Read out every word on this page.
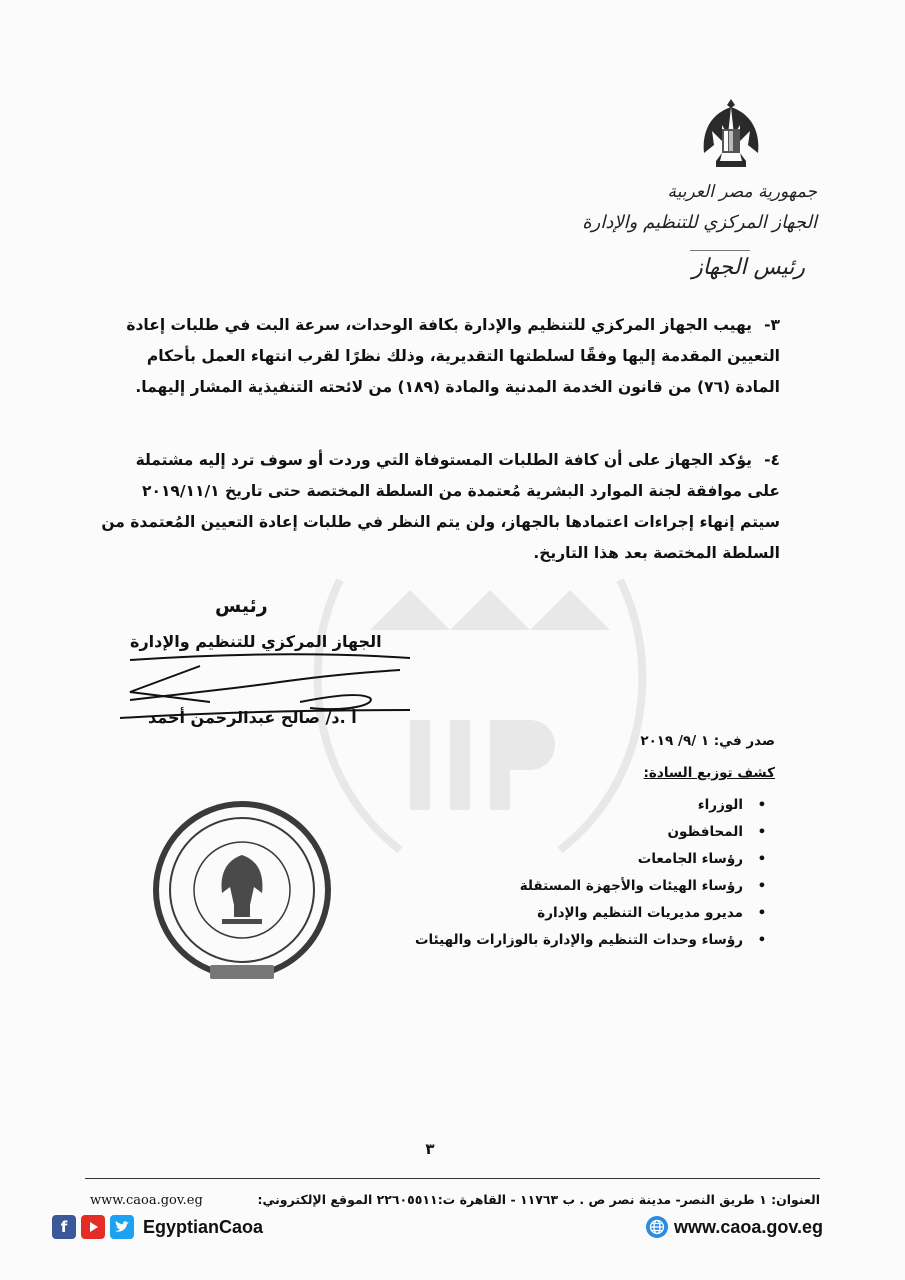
جمهورية مصر العربية
الجهاز المركزي للتنظيم والإدارة
رئيس الجهاز
٣-يهيب الجهاز المركزي للتنظيم والإدارة بكافة الوحدات، سرعة البت في طلبات إعادة التعيين المقدمة إليها وفقًا لسلطتها التقديرية، وذلك نظرًا لقرب انتهاء العمل بأحكام المادة (٧٦) من قانون الخدمة المدنية والمادة (١٨٩) من لائحته التنفيذية المشار إليهما.
٤-يؤكد الجهاز على أن كافة الطلبات المستوفاة التي وردت أو سوف ترد إليه مشتملة على موافقة لجنة الموارد البشرية مُعتمدة من السلطة المختصة حتى تاريخ ٢٠١٩/١١/١ سيتم إنهاء إجراءات اعتمادها بالجهاز، ولن يتم النظر في طلبات إعادة التعيين المُعتمدة من السلطة المختصة بعد هذا التاريخ.
رئيس
الجهاز المركزي للتنظيم والإدارة
أ .د/ صالح عبدالرحمن أحمد
صدر في: ١ /٩/ ٢٠١٩
كشف توزيع السادة:
• الوزراء
• المحافظون
• رؤساء الجامعات
• رؤساء الهيئات والأجهزة المستقلة
• مديرو مديريات التنظيم والإدارة
• رؤساء وحدات التنظيم والإدارة بالوزارات والهيئات
٣
العنوان: ١ طريق النصر- مدينة نصر ص . ب ١١٧٦٣ - القاهرة ت:٢٢٦٠٥٥١١ الموقع الإلكتروني:
www.caoa.gov.eg
f	EgyptianCaoa	www.caoa.gov.eg
